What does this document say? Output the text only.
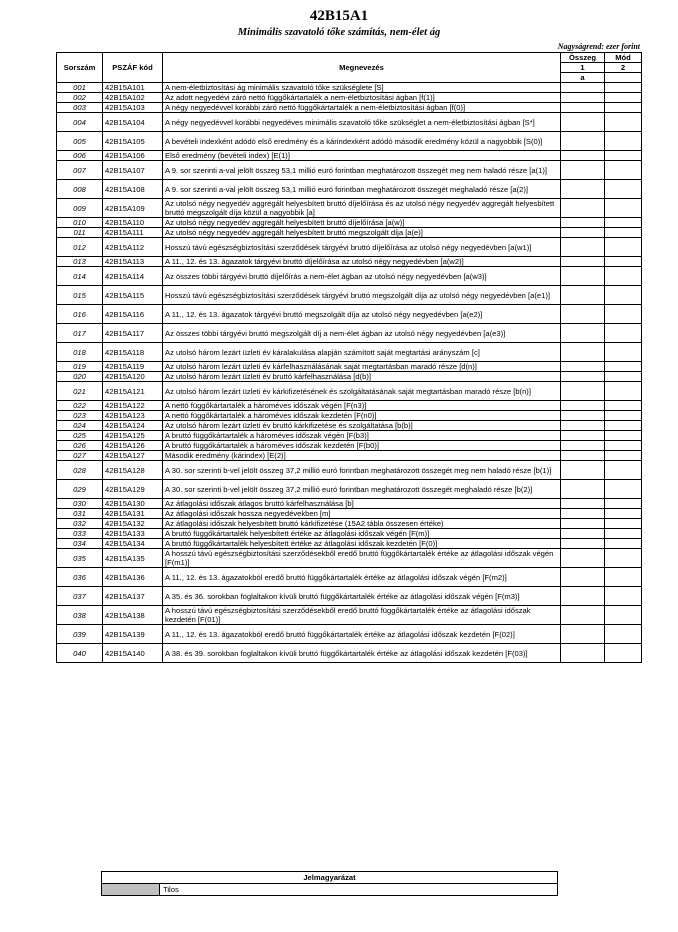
42B15A1
Minimális szavatoló tőke számítás, nem-élet ág
Nagyságrend: ezer forint
Sorszám	PSZÁF kód	Megnevezés	Összeg	Mód
			1	2
			a	
001	42B15A101	A nem-életbiztosítási ág minimális szavatoló tőke szükséglete [S]		
002	42B15A102	Az adott negyedévi záró nettó függőkártartalék a nem-életbiztosítási ágban [f(1)]		
003	42B15A103	A négy negyedévvel korábbi záró nettó függőkártartalék a nem-életbiztosítási ágban [f(0)]		
004	42B15A104	A négy negyedévvel korábbi negyedéves minimális szavatoló tőke szükséglet a nem-életbiztosítási ágban [S*]		
005	42B15A105	A bevételi indexként adódó első eredmény és a kárindexként adódó második eredmény közül a nagyobbik [S(0)]		
006	42B15A106	Első eredmény (bevételi index) [E(1)]		
007	42B15A107	A 9. sor szerinti a-val jelölt összeg 53,1 millió euró forintban meghatározott összegét meg nem haladó része [a(1)]		
008	42B15A108	A 9. sor szerinti a-val jelölt összeg 53,1 millió euró forintban meghatározott összegét meghaladó része [a(2)]		
009	42B15A109	Az utolsó négy negyedév aggregált helyesbített bruttó díjelőírása és az utolsó négy negyedév aggregált helyesbített bruttó megszolgált díja közül a nagyobbik [a]		
010	42B15A110	Az utolsó négy negyedév aggregált helyesbített bruttó díjelőírása [a(w)]		
011	42B15A111	Az utolsó négy negyedév aggregált helyesbített bruttó megszolgált díja [a(e)]		
012	42B15A112	Hosszú távú egészségbiztosítási szerződések tárgyévi bruttó díjelőírása az utolsó négy negyedévben [a(w1)]		
013	42B15A113	A 11., 12. és 13. ágazatok tárgyévi bruttó díjelőírása az utolsó négy negyedévben [a(w2)]		
014	42B15A114	Az összes többi tárgyévi bruttó díjelőírás a nem-élet ágban az utolsó négy negyedévben [a(w3)]		
015	42B15A115	Hosszú távú egészségbiztosítási szerződések tárgyévi bruttó megszolgált díja az utolsó négy negyedévben [a(e1)]		
016	42B15A116	A 11., 12. és 13. ágazatok tárgyévi bruttó megszolgált díja az utolsó négy negyedévben [a(e2)]		
017	42B15A117	Az összes többi tárgyévi bruttó megszolgált díj a nem-élet ágban az utolsó négy negyedévben [a(e3)]		
018	42B15A118	Az utolsó három lezárt üzleti év káralakulása alapján számított saját megtartási arányszám [c]		
019	42B15A119	Az utolsó három lezárt üzleti év kárfelhasználásának saját megtartásban maradó része [d(n)]		
020	42B15A120	Az utolsó három lezárt üzleti év bruttó kárfelhasználása [d(b)]		
021	42B15A121	Az utolsó három lezárt üzleti év kárkifizetésének és szolgáltatásának saját megtartásban maradó része [b(n)]		
022	42B15A122	A nettó függőkártartalék a hároméves időszak végén [F(n3)]		
023	42B15A123	A nettó függőkártartalék a hároméves időszak kezdetén [F(n0)]		
024	42B15A124	Az utolsó három lezárt üzleti év bruttó kárkifizetése és szolgáltatása [b(b)]		
025	42B15A125	A bruttó függőkártartalék a hároméves időszak végén [F(b3)]		
026	42B15A126	A bruttó függőkártartalék a hároméves időszak kezdetén [F(b0)]		
027	42B15A127	Második eredmény (kárindex) [E(2)]		
028	42B15A128	A 30. sor szerinti b-vel jelölt összeg 37,2 millió euró forintban meghatározott összegét meg nem haladó része [b(1)]		
029	42B15A129	A 30. sor szerinti b-vel jelölt összeg 37,2 millió euró forintban meghatározott összegét meghaladó része [b(2)]		
030	42B15A130	Az átlagolási időszak átlagos bruttó kárfelhasználása [b]		
031	42B15A131	Az átlagolási időszak hossza negyedévekben [m]		
032	42B15A132	Az átlagolási időszak helyesbített bruttó kárkifizetése (15A2 tábla összesen értéke)		
033	42B15A133	A bruttó függőkártartalék helyesbített értéke az átlagolási időszak végén [F(m)]		
034	42B15A134	A bruttó függőkártartalék helyesbített értéke az átlagolási időszak kezdetén [F(0)]		
035	42B15A135	A hosszú távú egészségbiztosítási szerződésekből eredő bruttó függőkártartalék értéke az átlagolási időszak végén [F(m1)]		
036	42B15A136	A 11., 12. és 13. ágazatokból eredő bruttó függőkártartalék értéke az átlagolási időszak végén [F(m2)]		
037	42B15A137	A 35. és 36. sorokban foglaltakon kívüli bruttó függőkártartalék értéke az átlagolási időszak végén [F(m3)]		
038	42B15A138	A hosszú távú egészségbiztosítási szerződésekből eredő bruttó függőkártartalék értéke az átlagolási időszak kezdetén [F(01)]		
039	42B15A139	A 11., 12. és 13. ágazatokból eredő bruttó függőkártartalék értéke az átlagolási időszak kezdetén [F(02)]		
040	42B15A140	A 38. és 39. sorokban foglaltakon kívüli bruttó függőkártartalék értéke az átlagolási időszak kezdetén [F(03)]		
Jelmagyarázat
	Tilos
